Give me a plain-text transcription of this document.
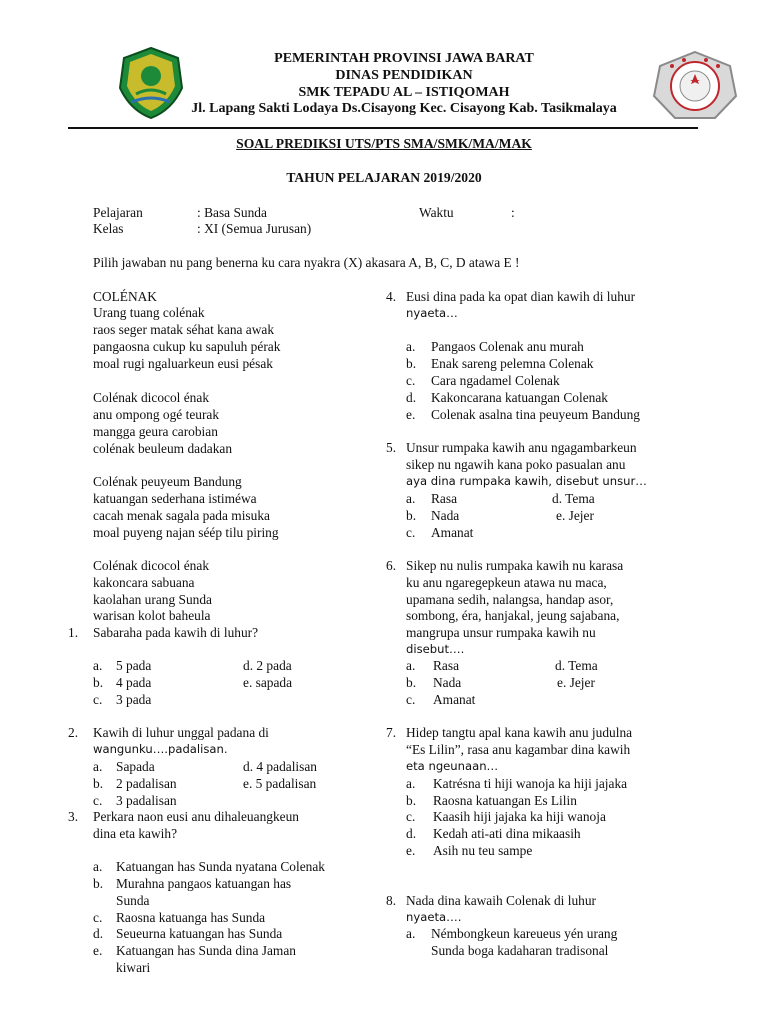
PEMERINTAH PROVINSI JAWA BARAT
DINAS PENDIDIKAN
SMK TEPADU AL – ISTIQOMAH
Jl. Lapang Sakti Lodaya Ds.Cisayong Kec. Cisayong Kab. Tasikmalaya
SOAL PREDIKSI UTS/PTS SMA/SMK/MA/MAK
TAHUN PELAJARAN 2019/2020
Pelajaran	: Basa Sunda	Waktu	:
Kelas	: XI (Semua Jurusan)
Pilih jawaban nu pang benerna ku cara nyakra (X) akasara A, B, C, D atawa E !
COLÉNAK
Urang tuang colénak
raos seger matak séhat kana awak
pangaosna cukup ku sapuluh pérak
moal rugi ngaluarkeun eusi pésak
Colénak dicocol énak
anu ompong ogé teurak
mangga geura carobian
colénak beuleum dadakan
Colénak peuyeum Bandung
katuangan sederhana istiméwa
cacah menak sagala pada misuka
moal puyeng najan séép tilu piring
Colénak dicocol énak
kakoncara sabuana
kaolahan urang Sunda
warisan kolot baheula
1. Sabaraha pada kawih di luhur?
a. 5 pada	d. 2 pada
b. 4 pada	e. sapada
c. 3 pada
2. Kawih di luhur unggal padana di
wangunku….padalisan.
a. Sapada	d. 4 padalisan
b. 2 padalisan	e. 5 padalisan
c. 3 padalisan
3. Perkara naon eusi anu dihaleuangkeun
dina eta kawih?
a. Katuangan has Sunda nyatana Colenak
b. Murahna pangaos katuangan has
Sunda
c. Raosna katuanga has Sunda
d. Seueurna katuangan has Sunda
e. Katuangan has Sunda dina Jaman
kiwari
4. Eusi dina pada ka opat dian kawih di luhur
nyaeta…
a. Pangaos Colenak anu murah
b. Enak sareng pelemna Colenak
c. Cara ngadamel Colenak
d. Kakoncarana katuangan Colenak
e. Colenak asalna tina peuyeum Bandung
5. Unsur rumpaka kawih anu ngagambarkeun
sikep nu ngawih kana poko pasualan anu
aya dina rumpaka kawih, disebut unsur…
a. Rasa	d. Tema
b. Nada	e. Jejer
c. Amanat
6. Sikep nu nulis rumpaka kawih nu karasa
ku anu ngaregepkeun atawa nu maca,
upamana sedih, nalangsa, handap asor,
sombong, éra, hanjakal, jeung sajabana,
mangrupa unsur rumpaka kawih nu
disebut….
a. Rasa	d. Tema
b. Nada	e. Jejer
c. Amanat
7. Hidep tangtu apal kana kawih anu judulna
“Es Lilin”, rasa anu kagambar dina kawih
eta ngeunaan…
a. Katrésna ti hiji wanoja ka hiji jajaka
b. Raosna katuangan Es Lilin
c. Kaasih hiji jajaka ka hiji wanoja
d. Kedah ati-ati dina mikaasih
e. Asih nu teu sampe
8. Nada dina kawaih Colenak di luhur
nyaeta….
a. Némbongkeun kareueus yén urang
Sunda boga kadaharan tradisonal
